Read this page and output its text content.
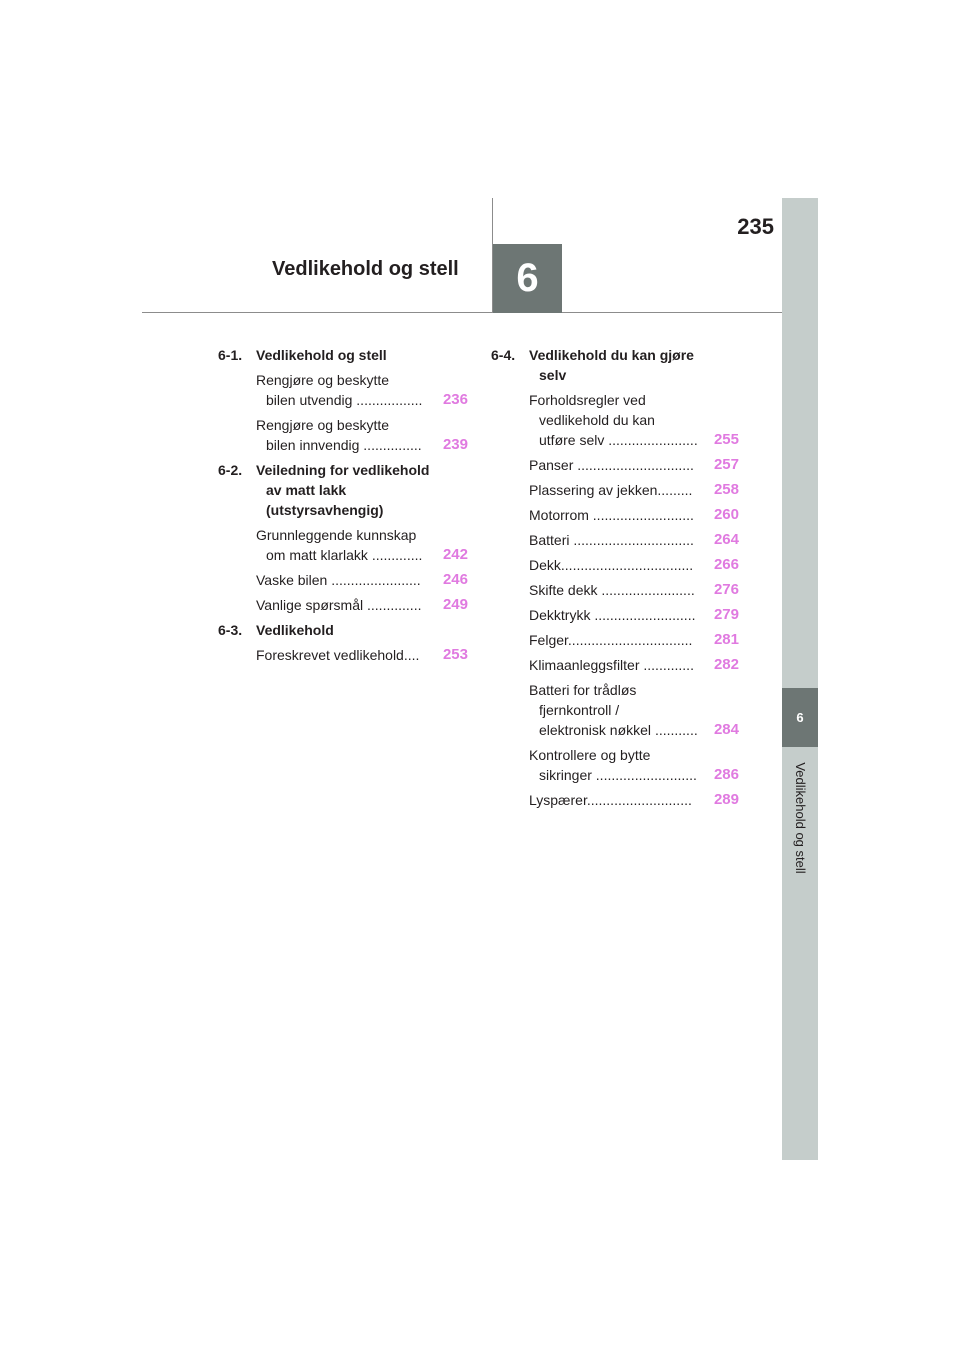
235
Vedlikehold og stell	6
6
Vedlikehold og stell
6-1. Vedlikehold og stell
Rengjøre og beskytte
bilen utvendig ................. 236
Rengjøre og beskytte
bilen innvendig ............... 239
6-2. Veiledning for vedlikehold
av matt lakk
(utstyrsavhengig)
Grunnleggende kunnskap
om matt klarlakk ............. 242
Vaske bilen ....................... 246
Vanlige spørsmål .............. 249
6-3. Vedlikehold
Foreskrevet vedlikehold.... 253
6-4. Vedlikehold du kan gjøre
selv
Forholdsregler ved
vedlikehold du kan
utføre selv ....................... 255
Panser .............................. 257
Plassering av jekken......... 258
Motorrom .......................... 260
Batteri ............................... 264
Dekk.................................. 266
Skifte dekk ........................ 276
Dekktrykk .......................... 279
Felger................................ 281
Klimaanleggsfilter ............. 282
Batteri for trådløs
fjernkontroll /
elektronisk nøkkel ........... 284
Kontrollere og bytte
sikringer .......................... 286
Lyspærer........................... 289
